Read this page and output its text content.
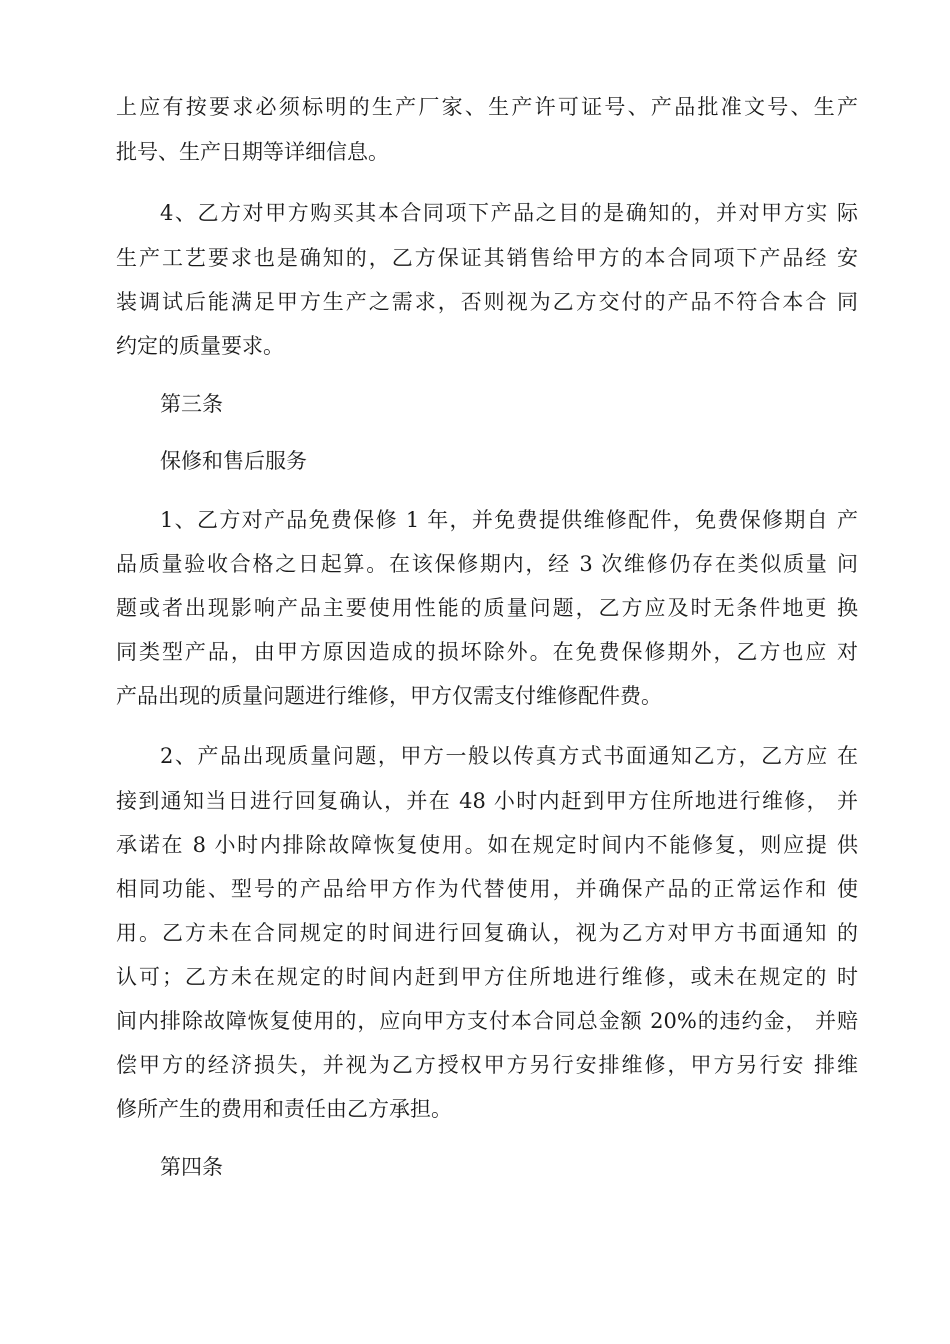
上应有按要求必须标明的生产厂家、生产许可证号、产品批准文号、生产
批号、生产日期等详细信息。
4、乙方对甲方购买其本合同项下产品之目的是确知的，并对甲方实 际
生产工艺要求也是确知的，乙方保证其销售给甲方的本合同项下产品经 安
装调试后能满足甲方生产之需求，否则视为乙方交付的产品不符合本合 同
约定的质量要求。
第三条
保修和售后服务
1、乙方对产品免费保修 1 年，并免费提供维修配件，免费保修期自 产
品质量验收合格之日起算。在该保修期内，经 3 次维修仍存在类似质量 问
题或者出现影响产品主要使用性能的质量问题，乙方应及时无条件地更 换
同类型产品，由甲方原因造成的损坏除外。在免费保修期外，乙方也应 对
产品出现的质量问题进行维修，甲方仅需支付维修配件费。
2、产品出现质量问题，甲方一般以传真方式书面通知乙方，乙方应 在
接到通知当日进行回复确认，并在 48 小时内赶到甲方住所地进行维修， 并
承诺在 8 小时内排除故障恢复使用。如在规定时间内不能修复，则应提 供
相同功能、型号的产品给甲方作为代替使用，并确保产品的正常运作和 使
用。乙方未在合同规定的时间进行回复确认，视为乙方对甲方书面通知 的
认可；乙方未在规定的时间内赶到甲方住所地进行维修，或未在规定的 时
间内排除故障恢复使用的，应向甲方支付本合同总金额 20%的违约金， 并赔
偿甲方的经济损失，并视为乙方授权甲方另行安排维修，甲方另行安 排维
修所产生的费用和责任由乙方承担。
第四条
